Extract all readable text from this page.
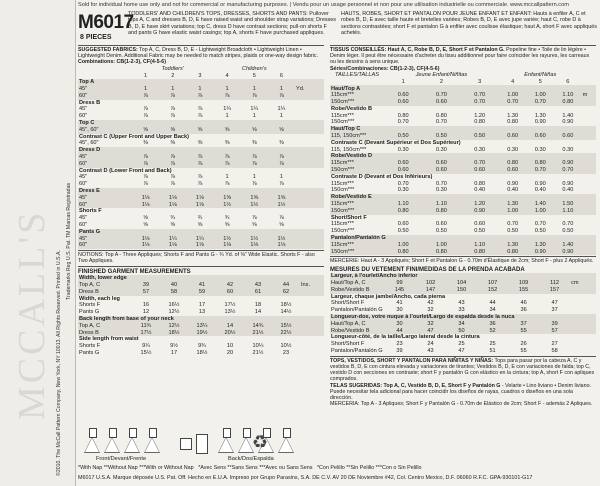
MCCALL'S ©2010. The McCall Pattern Company, New York, NY 10013. All Rights Reserved. Printed in U.S.A.
Trademarks Reg U.S. Pat. TM Marcas Registradas
Sold for individual home use only and not for commercial or manufacturing purposes. | Vendu pour un usage personnel et non pour une utilisation industrielle ou commerciale. www.mccallpattern.com
M6017
8 PIECES
TODDLERS' AND CHILDREN'S TOPS, DRESSES, SHORTS AND PANTS: Pullover tops A, C and dresses B, D, E have raised waist and shoulder strap variations; Dresses B, D, E have skirt variations; top C, dress D have contrast sections; pull-on shorts F and pants G have elastic waist casings; top A, shorts F have purchased appliques.
HAUTS, ROBES, SHORT ET PANTALON POUR JEUNE ENFANT ET ENFANT: Hauts à enfiler A, C et robes B, D, E avec taille haute et bretelles variées; Robes B, D, E avec jupe variée; haut C, robe D à sections contrastées; short F et pantalon G à enfiler avec coulisse élastique; haut A, short F avec appliqués achetés.
SUGGESTED FABRICS: Top A, C, Dress B, D, E - Lightweight Broadcloth • Lightweight Linen • Lightweight Denim. Additional Fabric may be needed to match stripes, plaids or one-way design fabric.
Combinations: CB(1-2-3), CF(4-5-6)
	Toddlers'			Children's			
	1	2	3	4	5	6	
Top A							
45"	1	1	1	1	1	1	Yd.
60"	⅞	⅞	⅞	⅞	⅞	⅞	
Dress B							
45"	⅞	⅞	⅞	1¼	1¼	1¼	
60"	⅞	⅞	⅞	1	1	1	
Top C							
45", 60"	⅝	⅝	⅝	⅝	⅝	⅝	
Contrast C (Upper Front and Upper Back)							
45", 60"	⅜	⅜	⅜	⅜	⅜	⅜	
Dress D							
45"	⅞	⅞	⅞	⅞	⅞	⅞	
60"	⅞	⅞	⅞	⅞	⅞	⅞	
Contrast D (Lower Front and Back)							
45"	⅞	⅞	⅞	1	1	1	
60"	⅞	⅞	⅞	⅞	⅞	⅞	
Dress E							
45"	1⅛	1⅛	1⅛	1⅝	1⅝	1⅝	
60"	1⅛	1⅛	1⅛	1½	1½	1½	
Shorts F							
45"	⅝	¾	¾	¾	⅞	⅞	
60"	⅝	⅝	⅝	⅝	⅝	⅝	
Pants G							
45"	1⅛	1¼	1¼	1½	1½	1½	
60"	1⅛	1⅛	1⅛	1⅛	1⅛	1⅛	
NOTIONS: Top A - Three Appliques; Shorts F and Pants G - ¾ Yd. of ⅜" Wide Elastic. Shorts F - also Two Appliques.
FINISHED GARMENT MEASUREMENTS
Width, lower edge							
Top A, C	39	40	41	42	43	44	Ins.
Dress B	57	58	59	60	61	62	
Width, each leg							
Shorts F	16	16½	17	17½	18	18½	
Pants G	12	12½	13	13½	14	14½	
Back length from base of your neck							
Top A, C	11¾	12½	13¼	14	14¾	15½	
Dress B	17½	18½	19½	20½	21½	22½	
Side length from waist							
Shorts F	9¼	9½	9¾	10	10¼	10½	
Pants G	15½	17	18½	20	21½	23	
Front/Devant/Frente	Back/Dos/Espalda
♻
TISSUS CONSEILLÉS: Haut A, C, Robe B, D, E, Short F et Pantalon G. Popeline fine • Toile de lin légère • Denim léger. Il peut être nécessaire d'acheter du tissu additionnel pour faire coïncider les rayures, les carreaux ou les dessins à sens unique.
Séries/Combinaciones: CB(1-2-3), CF(4-5-6)
TAILLES/TALLAS	Jeune Enfant/Niñitas			Enfant/Niñas			
	1	2	3	4	5	6	
Haut/Top A							
115cm***	0.60	0.70	0.70	1.00	1.00	1.10	m
150cm***	0.60	0.60	0.70	0.70	0.70	0.80	
Robe/Vestido B							
115cm***	0.80	0.80	1.20	1.30	1.30	1.40	
150cm***	0.70	0.70	0.80	0.80	0.90	0.90	
Haut/Top C							
115, 150cm***	0.50	0.50	0.50	0.60	0.60	0.60	
Contraste C (Devant Supérieur et Dos Supérieur)							
115, 150cm***	0.30	0.30	0.30	0.30	0.30	0.30	
Robe/Vestido D							
115cm***	0.60	0.60	0.70	0.80	0.80	0.90	
150cm***	0.60	0.60	0.60	0.60	0.70	0.70	
Contraste D (Devant et Dos Inférieurs)							
115cm***	0.70	0.70	0.80	0.90	0.90	0.90	
150cm***	0.30	0.30	0.40	0.40	0.40	0.40	
Robe/Vestido E							
115cm***	1.10	1.10	1.20	1.30	1.40	1.50	
150cm***	0.80	0.80	0.90	1.00	1.00	1.10	
Short/Short F							
115cm***	0.60	0.60	0.60	0.70	0.70	0.70	
150cm***	0.50	0.50	0.50	0.50	0.50	0.50	
Pantalon/Pantalón G							
115cm***	1.00	1.00	1.10	1.30	1.30	1.40	
150cm***	0.80	0.80	0.80	0.80	0.90	0.90	
MERCERIE: Haut A - 3 Appliqués; Short F et Pantalon G - 0.70m d'Élastique de 2cm; Short F - plus 2 Appliqués.
MESURES DU VETEMENT FINI/MEDIDAS DE LA PRENDA ACABADA
Largeur, à l'ourlet/Ancho inferior							
Haut/Top A, C	99	102	104	107	109	112	cm
Robe/Vestido B	145	147	150	152	155	157	
Largeur, chaque jambe/Ancho, cada pierna							
Short/Short F	41	42	43	44	46	47	
Pantalon/Pantalón G	30	32	33	34	36	37	
Longueur-dos, votre nuque à l'ourlet/Largo de espalda desde la nuca							
Haut/Top A, C	30	32	34	36	37	39	
Robe/Vestido B	44	47	50	52	55	57	
Longueur-côté, de la taille/Largo lateral desde la cintura							
Short/Short F	23	24	25	25	26	27	
Pantalon/Pantalón G	39	43	47	51	55	58	
TOPS, VESTIDOS, SHORT Y PANTALON PARA NIÑITAS Y NIÑAS: Tops para pasar por la cabeza A, C y vestidos B, D, E con cintura elevada y variaciones de tirantes; Vestidos B, D, E con variaciones de falda; top C, vestido D con secciones en contraste; short F y pantalón G con elástico en la cintura; top A, short F con apliques comprados.
TELAS SUGERIDAS: Top A, C, Vestido B, D, E, Short F y Pantalón G - Velarte • Lino liviano • Denim liviano. Puede necesitar tela adicional para hacer coincidir los diseños de rayas, cuadros o diseños en una sola dirección.
MERCERIA: Top A - 3 Apliques; Short F y Pantalón G - 0.70m de Elástico de 2cm; Short F - además 2 Apliques.
*With Nap **Without Nap ***With or Without Nap *Avec Sens **Sans Sens ***Avec ou Sans Sens *Con Pelillo **Sin Pelillo ***Con o Sin Pelillo
M6017 U.S.A. Marque déposée U.S. Pat. Off. Hecho en E.U.A. Impreso por Grupo Parasins, S.A. DE C.V. AV 20 DE Noviembre #42, Col. Centro Mexico, D.F. 06060 R.F.C. GPA-930101-G17
